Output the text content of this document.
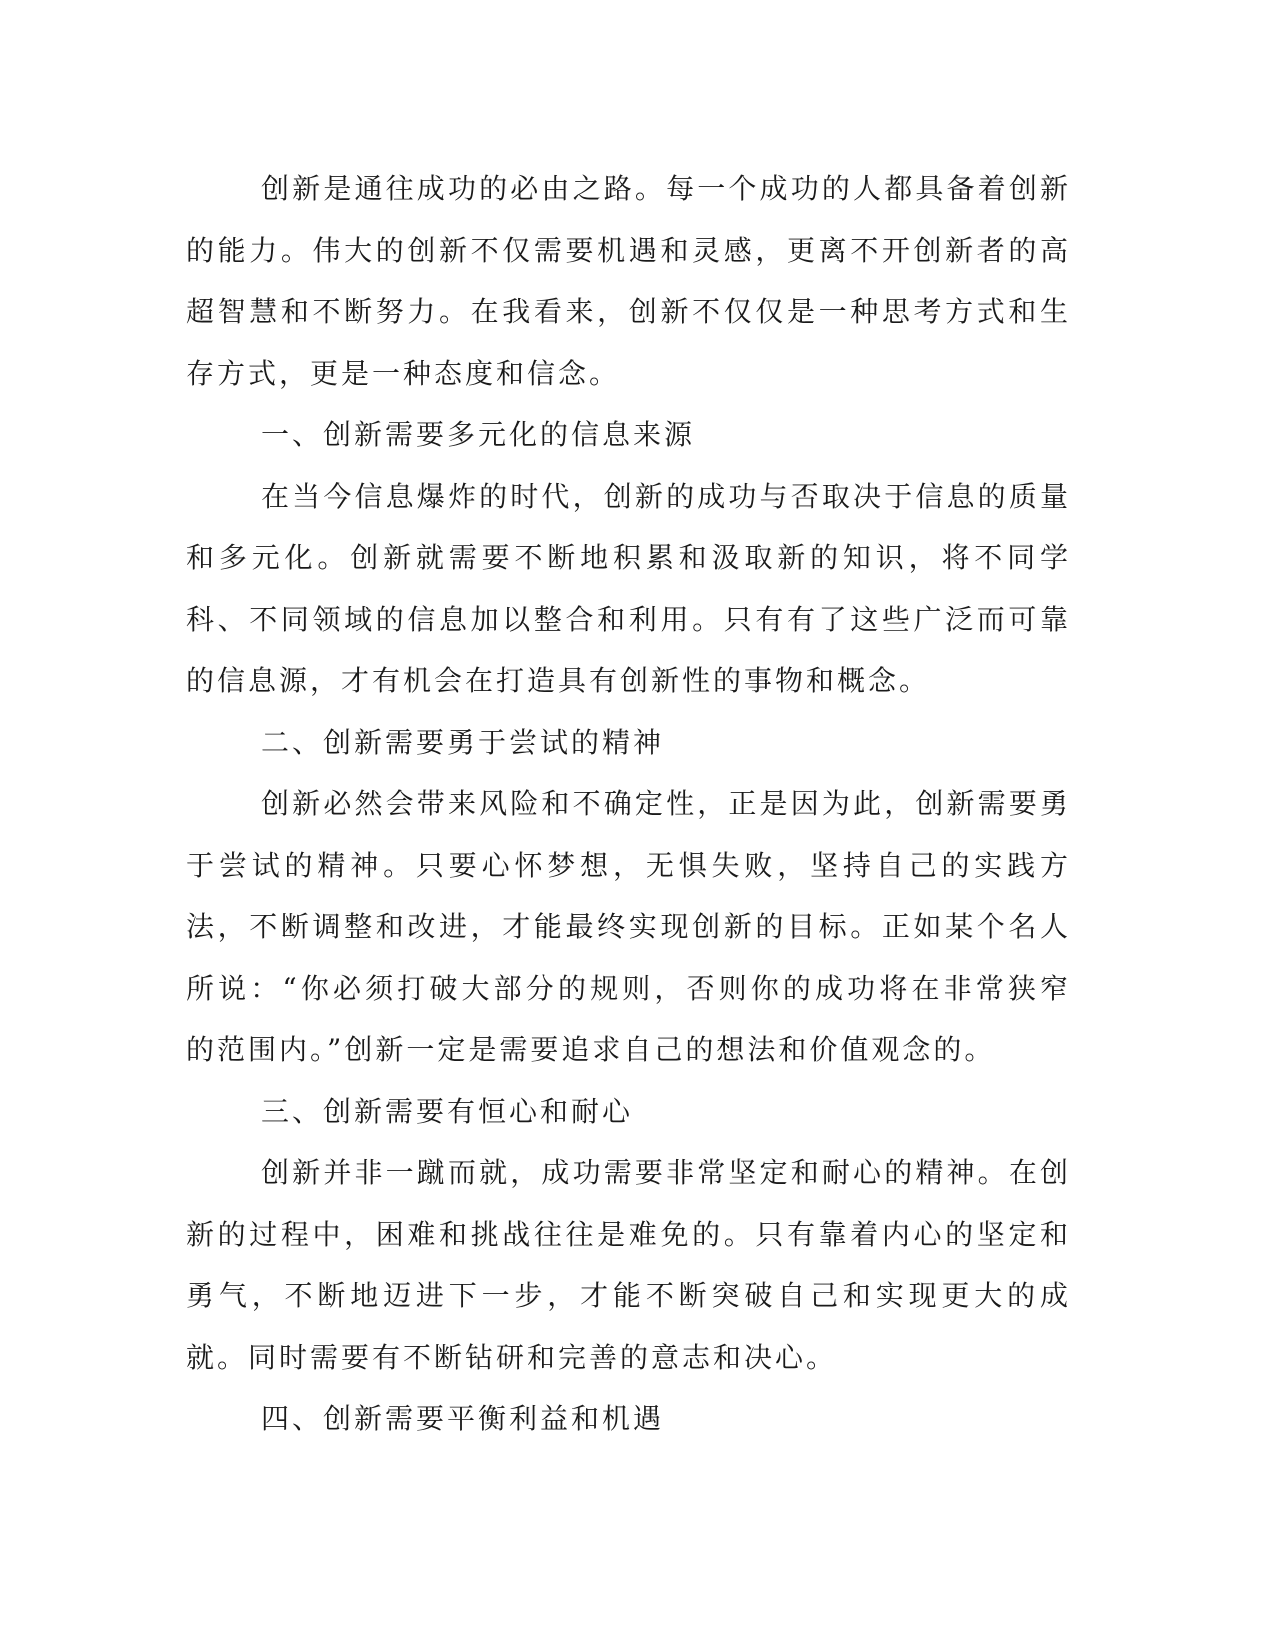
创新是通往成功的必由之路。每一个成功的人都具备着创新的能力。伟大的创新不仅需要机遇和灵感，更离不开创新者的高超智慧和不断努力。在我看来，创新不仅仅是一种思考方式和生存方式，更是一种态度和信念。

一、创新需要多元化的信息来源

在当今信息爆炸的时代，创新的成功与否取决于信息的质量和多元化。创新就需要不断地积累和汲取新的知识，将不同学科、不同领域的信息加以整合和利用。只有有了这些广泛而可靠的信息源，才有机会在打造具有创新性的事物和概念。

二、创新需要勇于尝试的精神

创新必然会带来风险和不确定性，正是因为此，创新需要勇于尝试的精神。只要心怀梦想，无惧失败，坚持自己的实践方法，不断调整和改进，才能最终实现创新的目标。正如某个名人所说：“你必须打破大部分的规则，否则你的成功将在非常狭窄的范围内。”创新一定是需要追求自己的想法和价值观念的。

三、创新需要有恒心和耐心

创新并非一蹴而就，成功需要非常坚定和耐心的精神。在创新的过程中，困难和挑战往往是难免的。只有靠着内心的坚定和勇气，不断地迈进下一步，才能不断突破自己和实现更大的成就。同时需要有不断钻研和完善的意志和决心。

四、创新需要平衡利益和机遇
